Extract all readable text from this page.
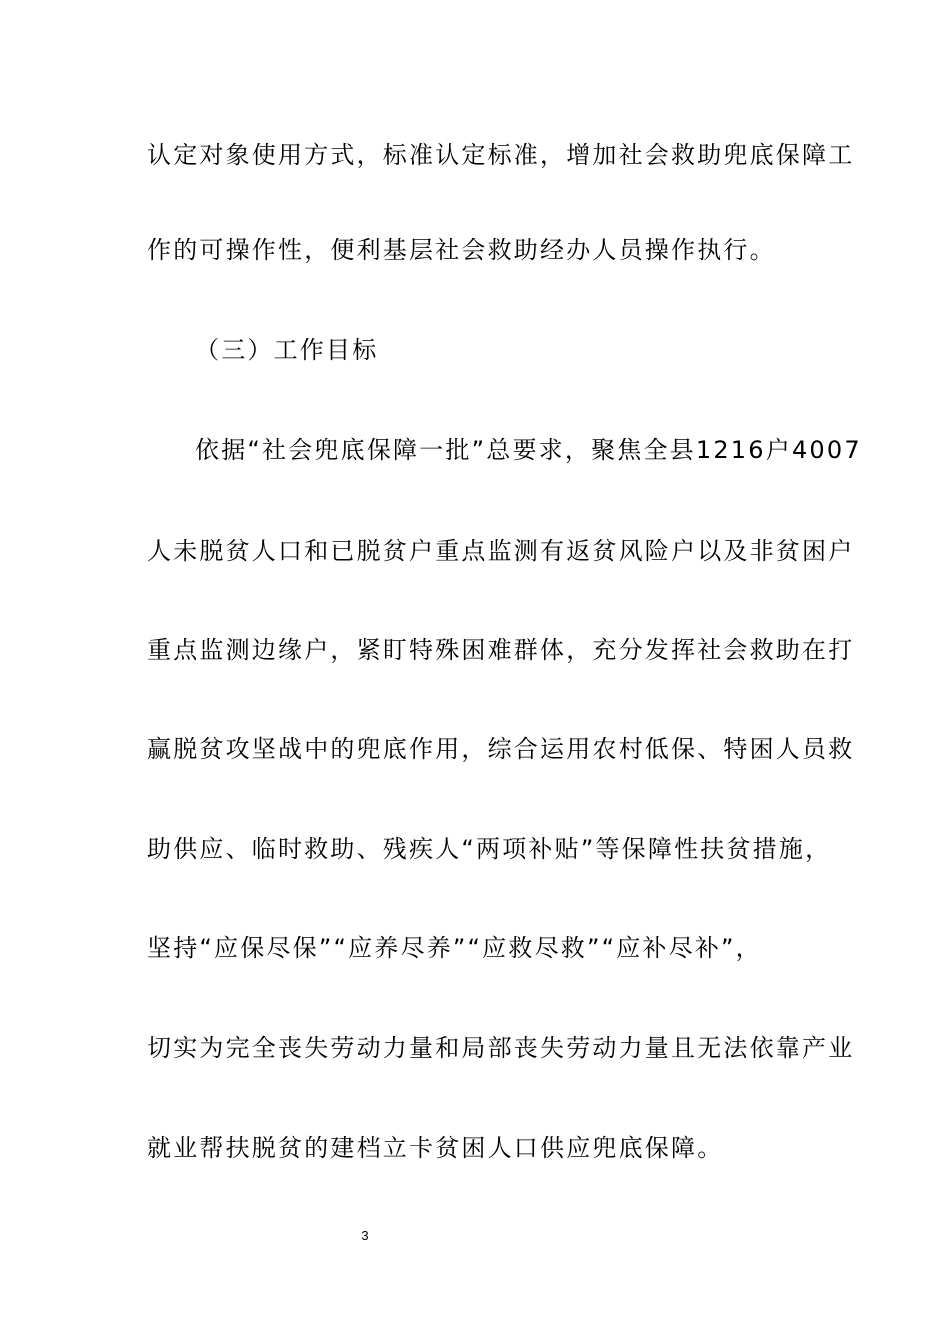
认定对象使用方式，标准认定标准，增加社会救助兜底保障工
作的可操作性，便利基层社会救助经办人员操作执行。
（三）工作目标
依据“社会兜底保障一批”总要求，聚焦全县1216户4007
人未脱贫人口和已脱贫户重点监测有返贫风险户以及非贫困户
重点监测边缘户，紧盯特殊困难群体，充分发挥社会救助在打
赢脱贫攻坚战中的兜底作用，综合运用农村低保、特困人员救
助供应、临时救助、残疾人“两项补贴”等保障性扶贫措施，
坚持“应保尽保”“应养尽养”“应救尽救”“应补尽补”，
切实为完全丧失劳动力量和局部丧失劳动力量且无法依靠产业
就业帮扶脱贫的建档立卡贫困人口供应兜底保障。
3
